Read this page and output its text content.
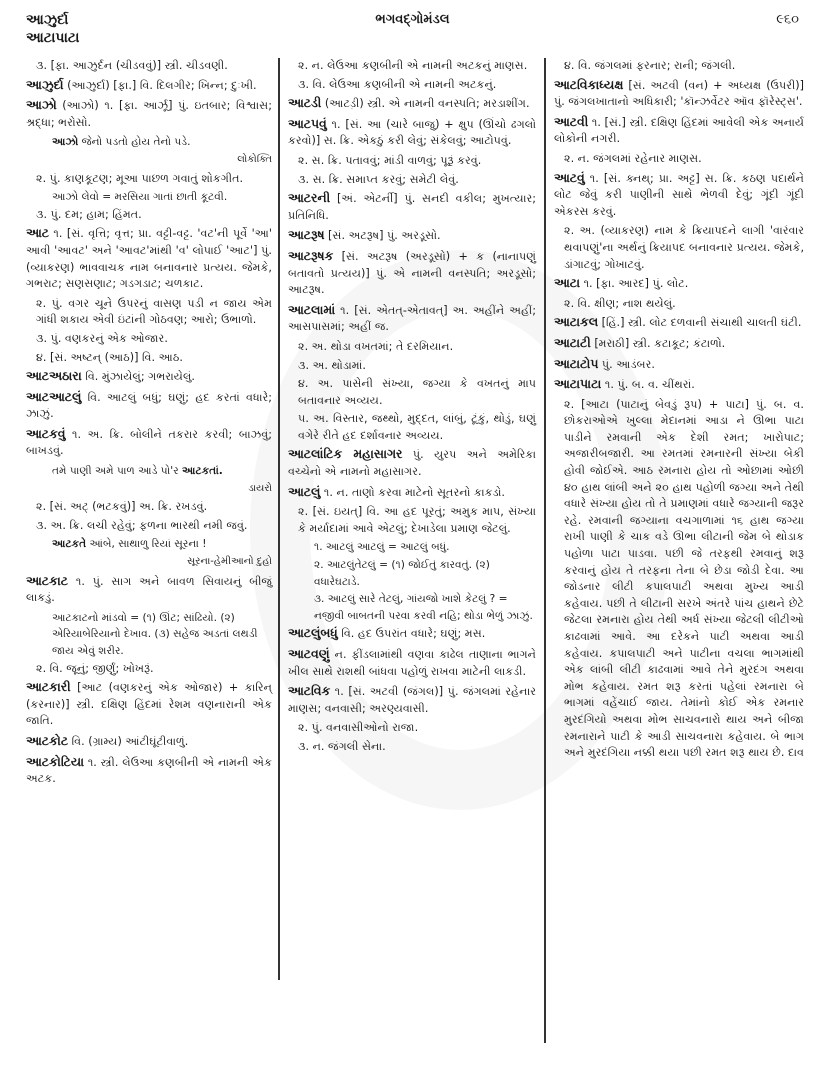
આઝુર્દા
આટાપાટા
ભગવદ્ગોમંડલ	૯૬૦

૩. [ફા. આઝુર્દન (ચીડવવું)] સ્ત્રી. ચીડવણી.

આઝુર્દા (આઝુર્દા) [ફા.] વિ. દિલગીર; ખિન્ન; દુઃખી.

આઝો (આઝો) ૧. [ફા. આર્ઝૂ] પું. ઇતબાર; વિશ્વાસ; શ્રદ્ધા; ભરોસો.

આઝો જેનો પડતો હોય તેનો પડે.

લોકોક્તિ

૨. પું. કાણકૂટણ; મૂઆ પાછળ ગવાતું શોકગીત.

આઝો લેવો = મરસિયા ગાતાં છાતી કૂટવી.

૩. પું. દમ; હામ; હિંમત.

આટ ૧. [સં. વૃત્તિ; વૃત્ત; પ્રા. વટ્ટી-વટ્ટ. 'વટ'ની પૂર્વે 'આ' આવી 'આવટ' અને 'આવટ'માંથી 'વ' લોપાઈ 'આટ'] પું. (વ્યાકરણ) ભાવવાચક નામ બનાવનાર પ્રત્યય. જેમકે, ગભરાટ; સણસણાટ; ગડગડાટ; ચળકાટ.

૨. પું. વગર ચૂને ઉપરનું વાસણ પડી ન જાય એમ ગાંધી શકાય એવી ઇંટાંની ગોઠવણ; આરો; ઉભાળો.

૩. પું. વણકરનું એક ઓજાર.

૪. [સં. અષ્ટન્ (આઠ)] વિ. આઠ.

આટઅઠારા વિ. મુંઝાયેલું; ગભરાયેલું.

આટઆટલું વિ. આટલું બધું; ઘણું; હદ કરતાં વધારે; ઝાઝું.

આટકવું ૧. અ. ક્રિ. બોલીને તકરાર કરવી; બાઝવું; બાખડવું.

તમે પાણી અમે પાળ આડે પો'ર આટકતાં.

ડાયરો

૨. [સં. અટ્ (ભટકવું)] અ. ક્રિ. રખડવું.

૩. અ. ક્રિ. લચી રહેવું; ફળના ભારથી નમી જવું.

આટકતે આંબે, સાથાળુ રિયાં સૂરના !

સૂરના-હેમીઆનો દુહો

આટકાટ ૧. પું. સાગ અને બાવળ સિવાયનું બીજું લાકડું.

આટકાટનો માંડવો = (૧) ઊંટ; સાંઢિયો. (૨) એરિયાબેરિયાનો દેખાવ. (૩) સહેજ અડતાં લથડી જાય એવું શરીર.

૨. વિ. જૂનું; જીર્ણું; ખોખરૂં.

આટકારી [આટ (વણકરનું એક ઓજાર) + કારિન્ (કરનાર)] સ્ત્રી. દક્ષિણ હિંદમાં રેશમ વણનારાની એક જાતિ.

આટકોટ વિ. (ગ્રામ્ય) આંટીઘૂંટીવાળું.

આટકોટિયા ૧. સ્ત્રી. લેઉઆ કણબીની એ નામની એક અટક.

૨. ન. લેઉઆ કણબીની એ નામની અટકનું માણસ.

૩. વિ. લેઉઆ કણબીની એ નામની અટકનું.

આટડી (આટડ઼ી) સ્ત્રી. એ નામની વનસ્પતિ; મરડાશીંગ.

આટપવું ૧. [સં. આ (ચારે બાજુ) + ક્ષુપ (ઊંચો ઢગલો કરવો)] સ. ક્રિ. એકઠું કરી લેવું; સંકેલવું; આટોપવું.

૨. સ. ક્રિ. પતાવવું; માંડી વાળવું; પૂરૂં કરવું.

૩. સ. ક્રિ. સમાપ્ત કરવું; સમેટી લેવું.

આટરની [અં. એટર્ની] પું. સનદી વકીલ; મુખત્યાર; પ્રતિનિધિ.

આટરૂષ [સં. અટરૂષ] પું. અરડૂસો.

આટરૂષક [સં. અટરૂષ (અરડૂસો) + ક (નાનાપણું બતાવતો પ્રત્યય)] પું. એ નામની વનસ્પતિ; અરડૂસો; આટરૂષ.

આટલામાં ૧. [સં. એતત્-એતાવત્] અ. અહીંને અહીં; આસપાસમાં; અહીં જ.

૨. અ. થોડા વખતમાં; તે દરમિયાન.

૩. અ. થોડામાં.

૪. અ. પાસેની સંખ્યા, જગ્યા કે વખતનું માપ બતાવનાર અવ્યય.

૫. અ. વિસ્તાર, જથ્થો, મુદ્દત, લાંબું, ટૂંકું, થોડું, ઘણું વગેરે રીતે હદ દર્શાવનાર અવ્યય.

આટલાંટિક મહાસાગર પું. યુરપ અને અમેરિકા વચ્ચેનો એ નામનો મહાસાગર.

આટલું ૧. ન. તાણો કરવા માટેનો સૂતરનો કાકડો.

૨. [સં. ઇયત્] વિ. આ હદ પૂરતું; અમુક માપ, સંખ્યા કે મર્યાદામાં આવે એટલું; દેખાડેલા પ્રમાણ જેટલું.

૧. આટલું આટલું = આટલું બધું.

૨. આટલુંતેટલું = (૧) જોઈતું કારવતું. (૨) વધારેઘટાડે.

૩. આટલું સારે તેટલું, ગાંયજો ખાશે કેટલું ? = નજીવી બાબતની પરવા કરવી નહિ; થોડા ભેળું ઝાઝું.

આટલુંબધું વિ. હદ ઉપરાંત વધારે; ઘણું; મસ.

આટવણું ન. ફીંડલામાંથી વણવા કાઢેલ તાણાના ભાગને ખીલ સાથે રાશથી બાંધવા પહોળું રાખવા માટેની લાકડી.

આટવિક ૧. [સં. અટવી (જંગલ)] પું. જંગલમાં રહેનાર માણસ; વનવાસી; અરણ્યવાસી.

૨. પું. વનવાસીઓનો રાજા.

૩. ન. જંગલી સેના.

૪. વિ. જંગલમાં ફરનાર; રાની; જંગલી.

આટવિકાધ્યક્ષ [સં. અટવી (વન) + અધ્યક્ષ (ઉપરી)] પું. જંગલખાતાનો અધિકારી; 'કૉન્ઝર્વેટર ઑવ ફૉરેસ્ટ્સ'.

આટવી ૧. [સં.] સ્ત્રી. દક્ષિણ હિંદમાં આવેલી એક અનાર્ય લોકોની નગરી.

૨. ન. જંગલમાં રહેનાર માણસ.

આટવું ૧. [સં. ક્નથ્; પ્રા. અટ્ટ] સ. ક્રિ. કઠણ પદાર્થને લોટ જેવું કરી પાણીની સાથે ભેળવી દેવું; ગૂંદી ગૂંદી એકરસ કરવું.

૨. અ. (વ્યાકરણ) નામ કે ક્રિયાપદને લાગી 'વારંવાર થવાપણું'ના અર્થનું ક્રિયાપદ બનાવનાર પ્રત્યય. જેમકે, ડાંગાટવું; ગોખાટવું.

આટા ૧. [ફા. આરદ] પું. લોટ.

૨. વિ. ક્ષીણ; નાશ થયેલું.

આટાકલ [હિં.] સ્ત્રી. લોટ દળવાની સંચાથી ચાલતી ઘંટી.

આટાટી [મરાઠી] સ્ત્રી. કટાકૂટ; કંટાળો.

આટાટોપ પું. આડંબર.

આટાપાટા ૧. પું. બ. વ. ચીંથરાં.

૨. [આટા (પાટાનું બેવડું રૂપ) + પાટા] પું. બ. વ. છોકરાઓએ ખુલ્લા મેદાનમાં આડા ને ઊભા પાટા પાડીને રમવાની એક દેશી રમત; ખારોપાટ; અજારીબજારી. આ રમતમાં રમનારની સંખ્યા બેકી હોવી જોઈએ. આઠ રમનારા હોય તો ઓછામાં ઓછી ૪૦ હાથ લાંબી અને ૨૦ હાથ પહોળી જગ્યા અને તેથી વધારે સંખ્યા હોય તો તે પ્રમાણમાં વધારે જગ્યાની જરૂર રહે. રમવાની જગ્યાના વચગાળામાં ૧૬ હાથ જગ્યા રાખી પાણી કે ચાક વડે ઊભા લીટાની જેમ બે થોડાક પહોળા પાટા પાડવા. પછી જે તરફથી રમવાનું શરૂ કરવાનું હોય તે તરફના તેના બે છેડા જોડી દેવા. આ જોડનાર લીટી કપાલપાટી અથવા મુખ્ય આડી કહેવાય. પછી તે લીટાની સરખે અંતરે પાંચ હાથને છેટે જેટલા રમનારા હોય તેથી અર્ધ સંખ્યા જેટલી લીટીઓ કાઢવામાં આવે. આ દરેકને પાટી અથવા આડી કહેવાય. કપાલપાટી અને પાટીના વચલા ભાગમાંથી એક લાંબી લીટી કાઢવામાં આવે તેને મુરદંગ અથવા મોભ કહેવાય. રમત શરૂ કરતાં પહેલાં રમનારા બે ભાગમાં વહેંચાઈ જાય. તેમાંનો કોઈ એક રમનાર મુરદંગિયો અથવા મોભ સાચવનારો થાય અને બીજા રમનારાને પાટી કે આડી સાચવનારા કહેવાય. બે ભાગ અને મુરદંગિયા નક્કી થયા પછી રમત શરૂ થાય છે. દાવ
